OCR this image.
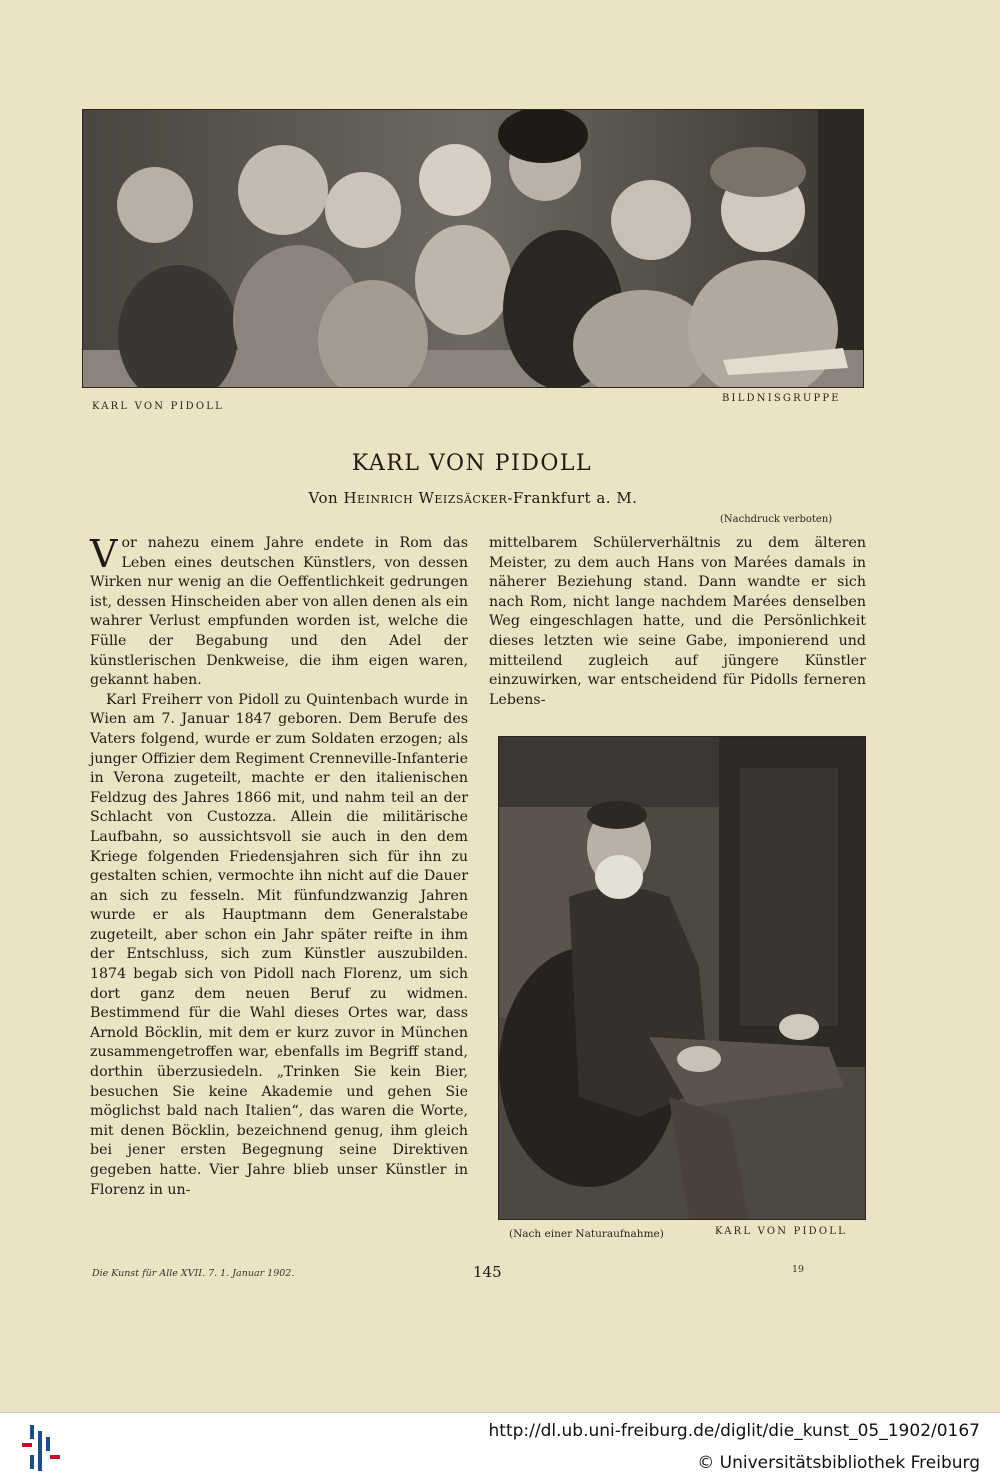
KARL VON PIDOLL
BILDNISGRUPPE
KARL VON PIDOLL
Von Heinrich Weizsäcker-Frankfurt a. M.
(Nachdruck verboten)

Vor nahezu einem Jahre endete in Rom das Leben eines deutschen Künstlers, von dessen Wirken nur wenig an die Oeffentlichkeit gedrungen ist, dessen Hinscheiden aber von allen denen als ein wahrer Verlust empfunden worden ist, welche die Fülle der Begabung und den Adel der künstlerischen Denkweise, die ihm eigen waren, gekannt haben.

Karl Freiherr von Pidoll zu Quintenbach wurde in Wien am 7. Januar 1847 geboren. Dem Berufe des Vaters folgend, wurde er zum Soldaten erzogen; als junger Offizier dem Regiment Crenneville-Infanterie in Verona zugeteilt, machte er den italienischen Feldzug des Jahres 1866 mit, und nahm teil an der Schlacht von Custozza. Allein die militärische Laufbahn, so aussichtsvoll sie auch in den dem Kriege folgenden Friedensjahren sich für ihn zu gestalten schien, vermochte ihn nicht auf die Dauer an sich zu fesseln. Mit fünfundzwanzig Jahren wurde er als Hauptmann dem Generalstabe zugeteilt, aber schon ein Jahr später reifte in ihm der Entschluss, sich zum Künstler auszubilden. 1874 begab sich von Pidoll nach Florenz, um sich dort ganz dem neuen Beruf zu widmen. Bestimmend für die Wahl dieses Ortes war, dass Arnold Böcklin, mit dem er kurz zuvor in München zusammengetroffen war, ebenfalls im Begriff stand, dorthin überzusiedeln. „Trinken Sie kein Bier, besuchen Sie keine Akademie und gehen Sie möglichst bald nach Italien“, das waren die Worte, mit denen Böcklin, bezeichnend genug, ihm gleich bei jener ersten Begegnung seine Direktiven gegeben hatte. Vier Jahre blieb unser Künstler in Florenz in un-

mittelbarem Schülerverhältnis zu dem älteren Meister, zu dem auch Hans von Marées damals in näherer Beziehung stand. Dann wandte er sich nach Rom, nicht lange nachdem Marées denselben Weg eingeschlagen hatte, und die Persönlichkeit dieses letzten wie seine Gabe, imponierend und mitteilend zugleich auf jüngere Künstler einzuwirken, war entscheidend für Pidolls ferneren Lebens-

(Nach einer Naturaufnahme)	KARL VON PIDOLL
Die Kunst für Alle XVII. 7. 1. Januar 1902.	145	19
http://dl.ub.uni-freiburg.de/diglit/die_kunst_05_1902/0167
© Universitätsbibliothek Freiburg
